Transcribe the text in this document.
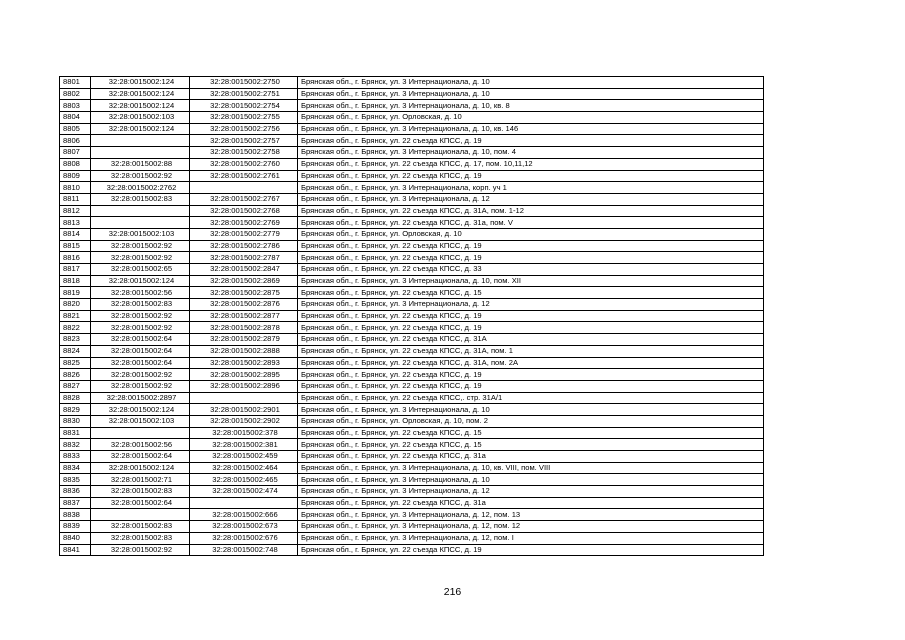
8801	32:28:0015002:124	32:28:0015002:2750	Брянская обл., г. Брянск, ул. 3 Интернационала, д. 10
8802	32:28:0015002:124	32:28:0015002:2751	Брянская обл., г. Брянск, ул. 3 Интернационала, д. 10
8803	32:28:0015002:124	32:28:0015002:2754	Брянская обл., г. Брянск, ул. 3 Интернационала, д. 10, кв. 8
8804	32:28:0015002:103	32:28:0015002:2755	Брянская обл., г. Брянск, ул. Орловская, д. 10
8805	32:28:0015002:124	32:28:0015002:2756	Брянская обл., г. Брянск, ул. 3 Интернационала, д. 10, кв. 146
8806		32:28:0015002:2757	Брянская обл., г. Брянск, ул. 22 съезда КПСС, д. 19
8807		32:28:0015002:2758	Брянская обл., г. Брянск, ул. 3 Интернационала, д. 10, пом. 4
8808	32:28:0015002:88	32:28:0015002:2760	Брянская обл., г. Брянск, ул. 22 съезда КПСС, д. 17, пом. 10,11,12
8809	32:28:0015002:92	32:28:0015002:2761	Брянская обл., г. Брянск, ул. 22 съезда КПСС, д. 19
8810	32:28:0015002:2762		Брянская обл., г. Брянск, ул. 3 Интернационала, корп. уч 1
8811	32:28:0015002:83	32:28:0015002:2767	Брянская обл., г. Брянск, ул. 3 Интернационала, д. 12
8812		32:28:0015002:2768	Брянская обл., г. Брянск, ул. 22 съезда КПСС, д. 31А, пом. 1-12
8813		32:28:0015002:2769	Брянская обл., г. Брянск, ул. 22 съезда КПСС, д. 31а, пом. V
8814	32:28:0015002:103	32:28:0015002:2779	Брянская обл., г. Брянск, ул. Орловская, д. 10
8815	32:28:0015002:92	32:28:0015002:2786	Брянская обл., г. Брянск, ул. 22 съезда КПСС, д. 19
8816	32:28:0015002:92	32:28:0015002:2787	Брянская обл., г. Брянск, ул. 22 съезда КПСС, д. 19
8817	32:28:0015002:65	32:28:0015002:2847	Брянская обл., г. Брянск, ул. 22 съезда КПСС, д. 33
8818	32:28:0015002:124	32:28:0015002:2869	Брянская обл., г. Брянск, ул. 3 Интернационала, д. 10, пом. XII
8819	32:28:0015002:56	32:28:0015002:2875	Брянская обл., г. Брянск, ул. 22 съезда КПСС, д. 15
8820	32:28:0015002:83	32:28:0015002:2876	Брянская обл., г. Брянск, ул. 3 Интернационала, д. 12
8821	32:28:0015002:92	32:28:0015002:2877	Брянская обл., г. Брянск, ул. 22 съезда КПСС, д. 19
8822	32:28:0015002:92	32:28:0015002:2878	Брянская обл., г. Брянск, ул. 22 съезда КПСС, д. 19
8823	32:28:0015002:64	32:28:0015002:2879	Брянская обл., г. Брянск, ул. 22 съезда КПСС, д. 31А
8824	32:28:0015002:64	32:28:0015002:2888	Брянская обл., г. Брянск, ул. 22 съезда КПСС, д. 31А, пом. 1
8825	32:28:0015002:64	32:28:0015002:2893	Брянская обл., г. Брянск, ул. 22 съезда КПСС, д. 31А, пом. 2А
8826	32:28:0015002:92	32:28:0015002:2895	Брянская обл., г. Брянск, ул. 22 съезда КПСС, д. 19
8827	32:28:0015002:92	32:28:0015002:2896	Брянская обл., г. Брянск, ул. 22 съезда КПСС, д. 19
8828	32:28:0015002:2897		Брянская обл., г. Брянск, ул. 22 съезда КПСС,. стр. 31А/1
8829	32:28:0015002:124	32:28:0015002:2901	Брянская обл., г. Брянск, ул. 3 Интернационала, д. 10
8830	32:28:0015002:103	32:28:0015002:2902	Брянская обл., г. Брянск, ул. Орловская, д. 10, пом. 2
8831		32:28:0015002:378	Брянская обл., г. Брянск, ул. 22 съезда КПСС, д. 15
8832	32:28:0015002:56	32:28:0015002:381	Брянская обл., г. Брянск, ул. 22 съезда КПСС, д. 15
8833	32:28:0015002:64	32:28:0015002:459	Брянская обл., г. Брянск, ул. 22 съезда КПСС, д. 31а
8834	32:28:0015002:124	32:28:0015002:464	Брянская обл., г. Брянск, ул. 3 Интернационала, д. 10, кв. VIII, пом. VIII
8835	32:28:0015002:71	32:28:0015002:465	Брянская обл., г. Брянск, ул. 3 Интернационала, д. 10
8836	32:28:0015002:83	32:28:0015002:474	Брянская обл., г. Брянск, ул. 3 Интернационала, д. 12
8837	32:28:0015002:64		Брянская обл., г. Брянск, ул. 22 съезда КПСС, д. 31а
8838		32:28:0015002:666	Брянская обл., г. Брянск, ул. 3 Интернационала, д. 12, пом. 13
8839	32:28:0015002:83	32:28:0015002:673	Брянская обл., г. Брянск, ул. 3 Интернационала, д. 12, пом. 12
8840	32:28:0015002:83	32:28:0015002:676	Брянская обл., г. Брянск, ул. 3 Интернационала, д. 12, пом. I
8841	32:28:0015002:92	32:28:0015002:748	Брянская обл., г. Брянск, ул. 22 съезда КПСС, д. 19
216
